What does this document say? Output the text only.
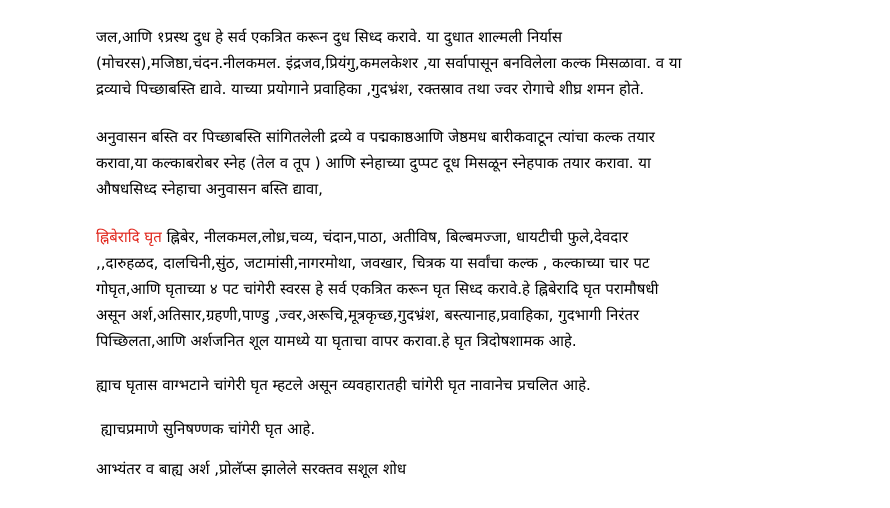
जल,आणि १प्रस्थ दुध हे सर्व एकत्रित करून दुध सिध्द करावे. या दुधात शाल्मली निर्यास
(मोचरस),मजिष्ठा,चंदन.नीलकमल. इंद्रजव,प्रियंगु,कमलकेशर ,या सर्वापासून बनविलेला कल्क मिसळावा. व या
द्रव्याचे पिच्छाबस्ति द्यावे. याच्या प्रयोगाने प्रवाहिका ,गुदभ्रंश, रक्तस्राव तथा ज्वर रोगाचे शीघ्र शमन होते.

अनुवासन बस्ति वर पिच्छाबस्ति सांगितलेली द्रव्ये व पद्मकाष्ठआणि जेष्ठमध बारीकवाटून त्यांचा कल्क तयार
करावा,या कल्काबरोबर स्नेह (तेल व तूप ) आणि स्नेहाच्या दुप्पट दूध मिसळून स्नेहपाक तयार करावा. या
औषधसिध्द स्नेहाचा अनुवासन बस्ति द्यावा,

ह्निबेरादि घृत ह्निबेर, नीलकमल,लोध्र,चव्य, चंदान,पाठा, अतीविष, बिल्बमज्जा, धायटीची फुले,देवदार
,,दारुहळद, दालचिनी,सुंठ, जटामांसी,नागरमोथा, जवखार, चित्रक या सर्वांचा कल्क , कल्काच्या चार पट
गोघृत,आणि घृताच्या ४ पट चांगेरी स्वरस हे सर्व एकत्रित करून घृत सिध्द करावे.हे ह्निबेरादि घृत परामौषधी
असून अर्श,अतिसार,ग्रहणी,पाण्डु ,ज्वर,अरूचि,मूत्रकृच्छ,गुदभ्रंश, बस्त्यानाह,प्रवाहिका, गुदभागी निरंतर
पिच्छिलता,आणि अर्शजनित शूल यामध्ये या घृताचा वापर करावा.हे घृत त्रिदोषशामक आहे.

ह्याच घृतास वाग्भटाने चांगेरी घृत म्हटले असून व्यवहारातही चांगेरी घृत नावानेच प्रचलित आहे.

ह्याचप्रमाणे सुनिषण्णक चांगेरी घृत आहे.

आभ्यंतर व बाह्य अर्श ,प्रोलॅप्स झालेले सरक्तव सशूल शोध
